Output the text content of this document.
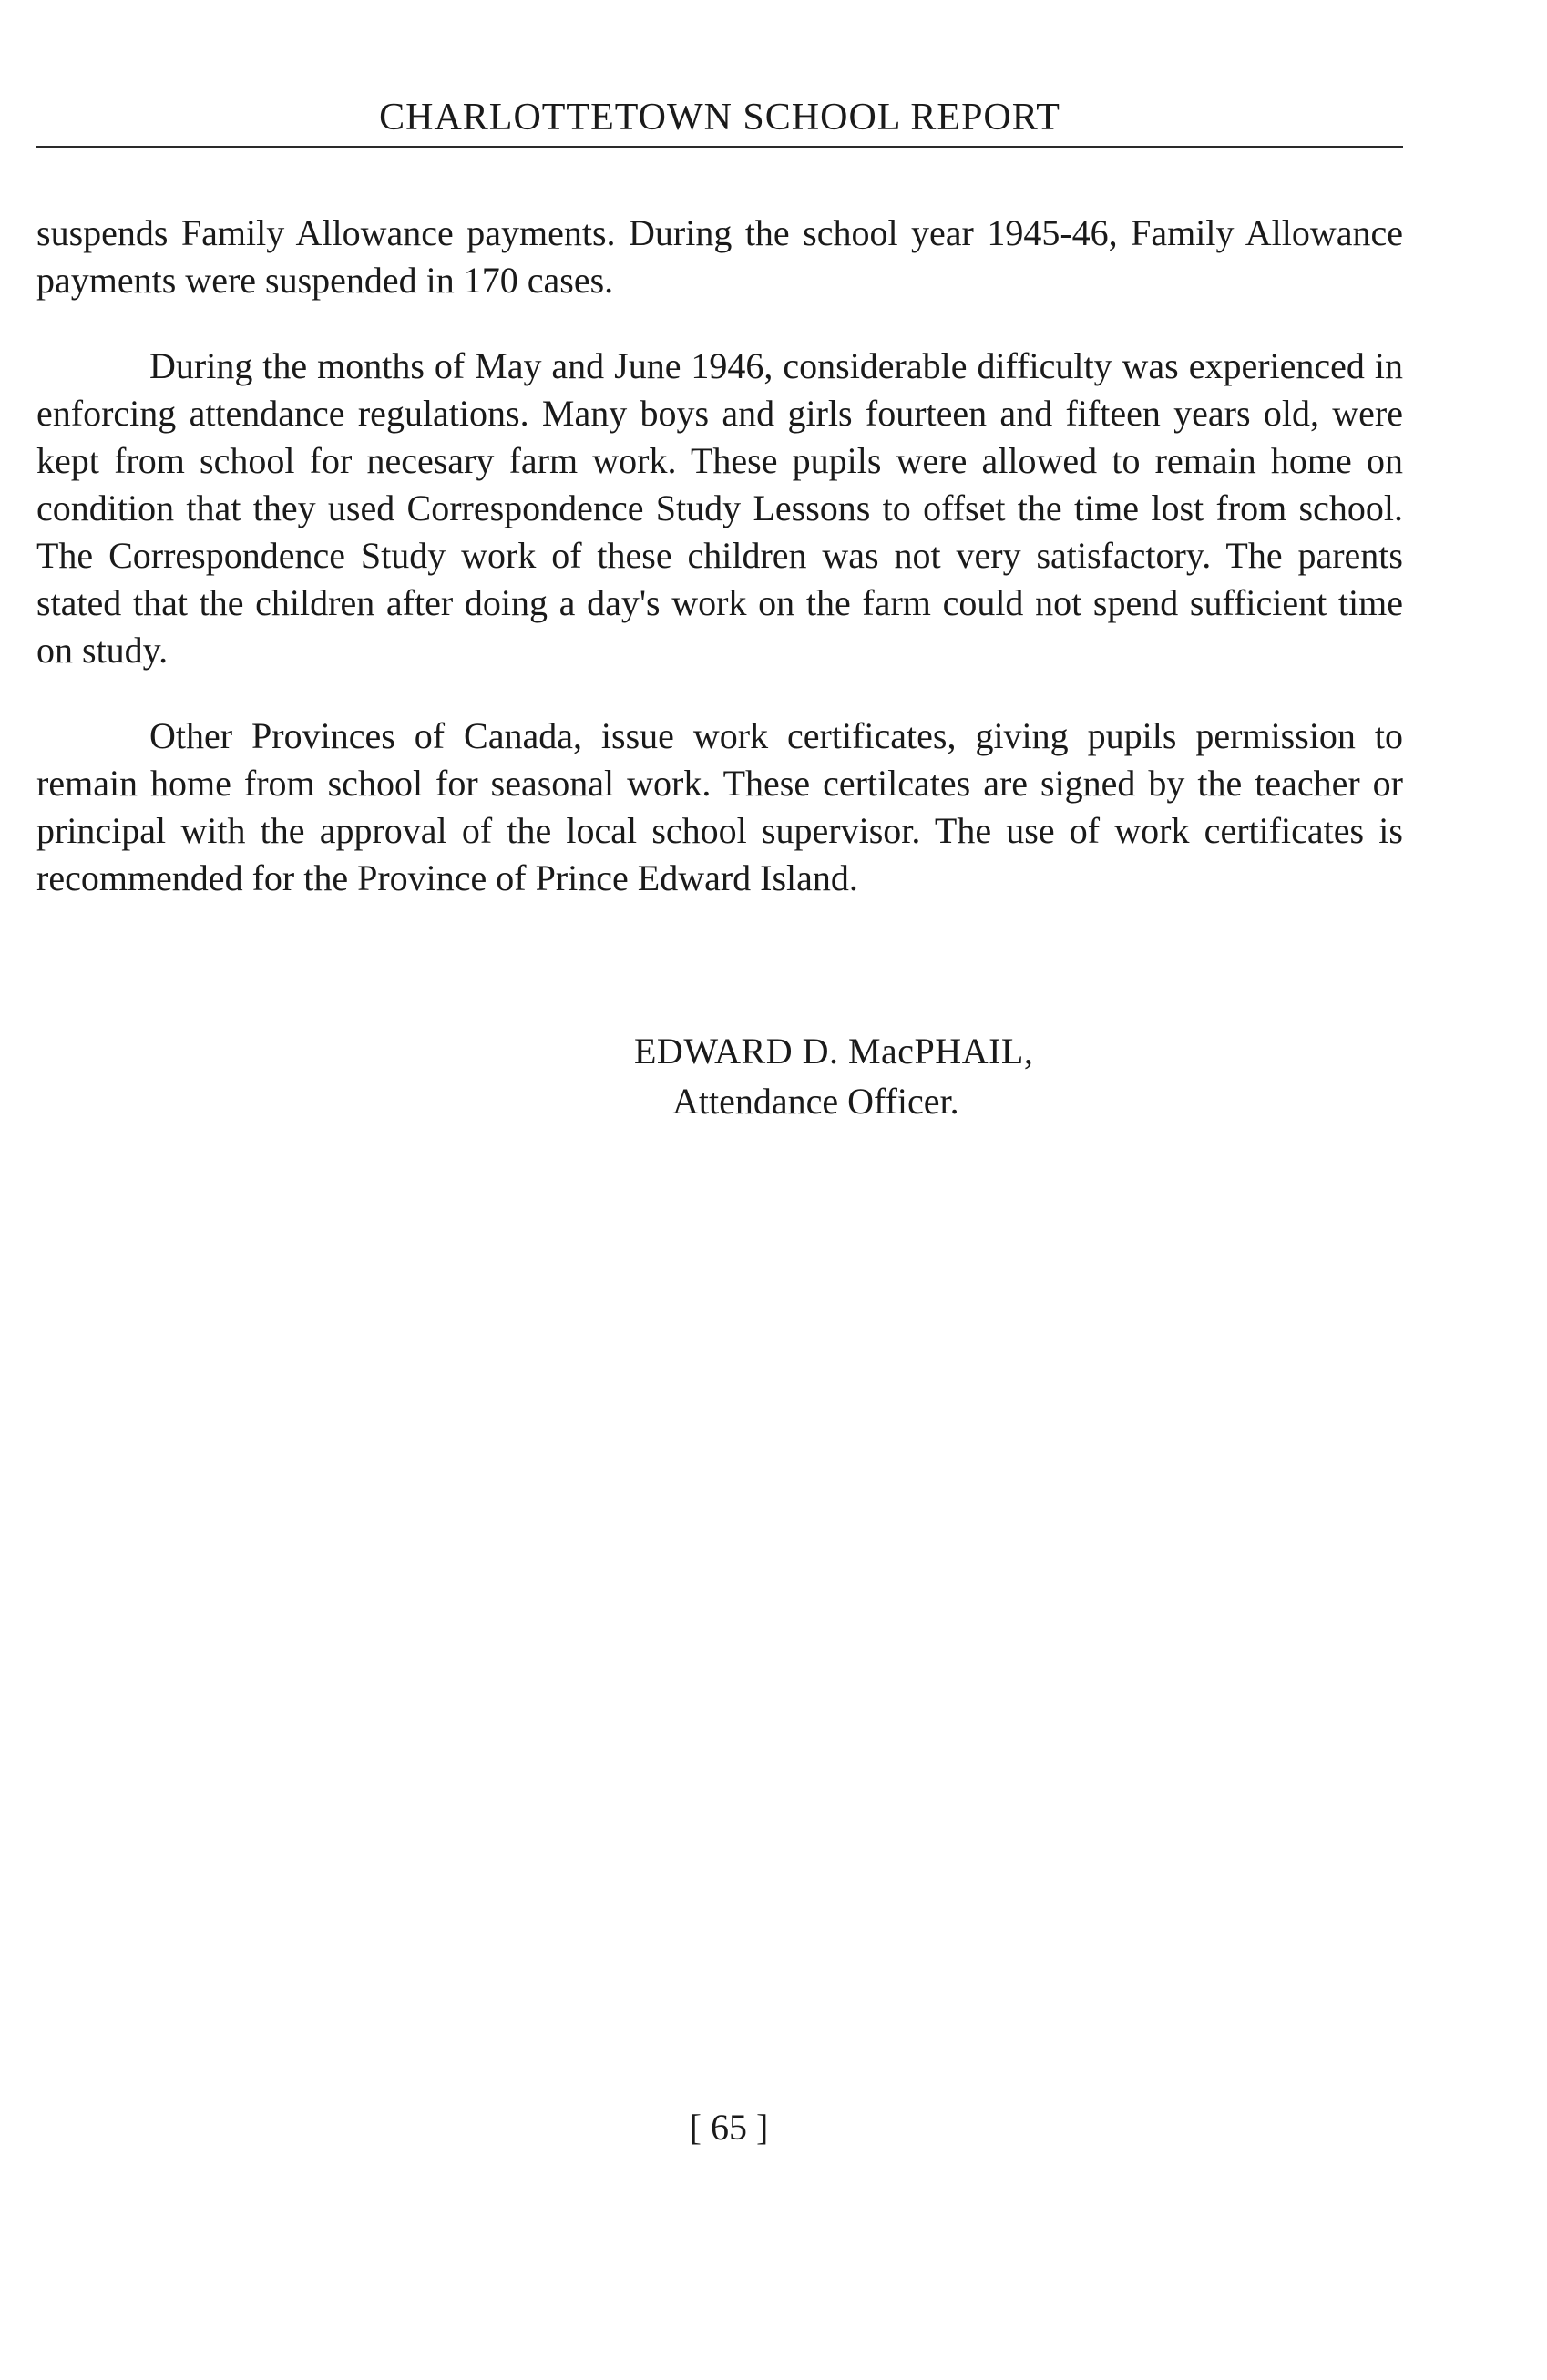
CHARLOTTETOWN SCHOOL REPORT

suspends Family Allowance payments. During the school year 1945-46, Family Allowance payments were suspended in 170 cases.

During the months of May and June 1946, considerable difficulty was experienced in enforcing attendance regulations. Many boys and girls fourteen and fifteen years old, were kept from school for necesary farm work. These pupils were allowed to remain home on condition that they used Correspondence Study Lessons to offset the time lost from school. The Correspondence Study work of these children was not very satisfactory. The parents stated that the children after doing a day's work on the farm could not spend sufficient time on study.

Other Provinces of Canada, issue work certificates, giving pupils permission to remain home from school for seasonal work. These certilcates are signed by the teacher or principal with the approval of the local school supervisor. The use of work certificates is recommended for the Province of Prince Edward Island.

EDWARD D. MacPHAIL,
Attendance Officer.
[ 65 ]
